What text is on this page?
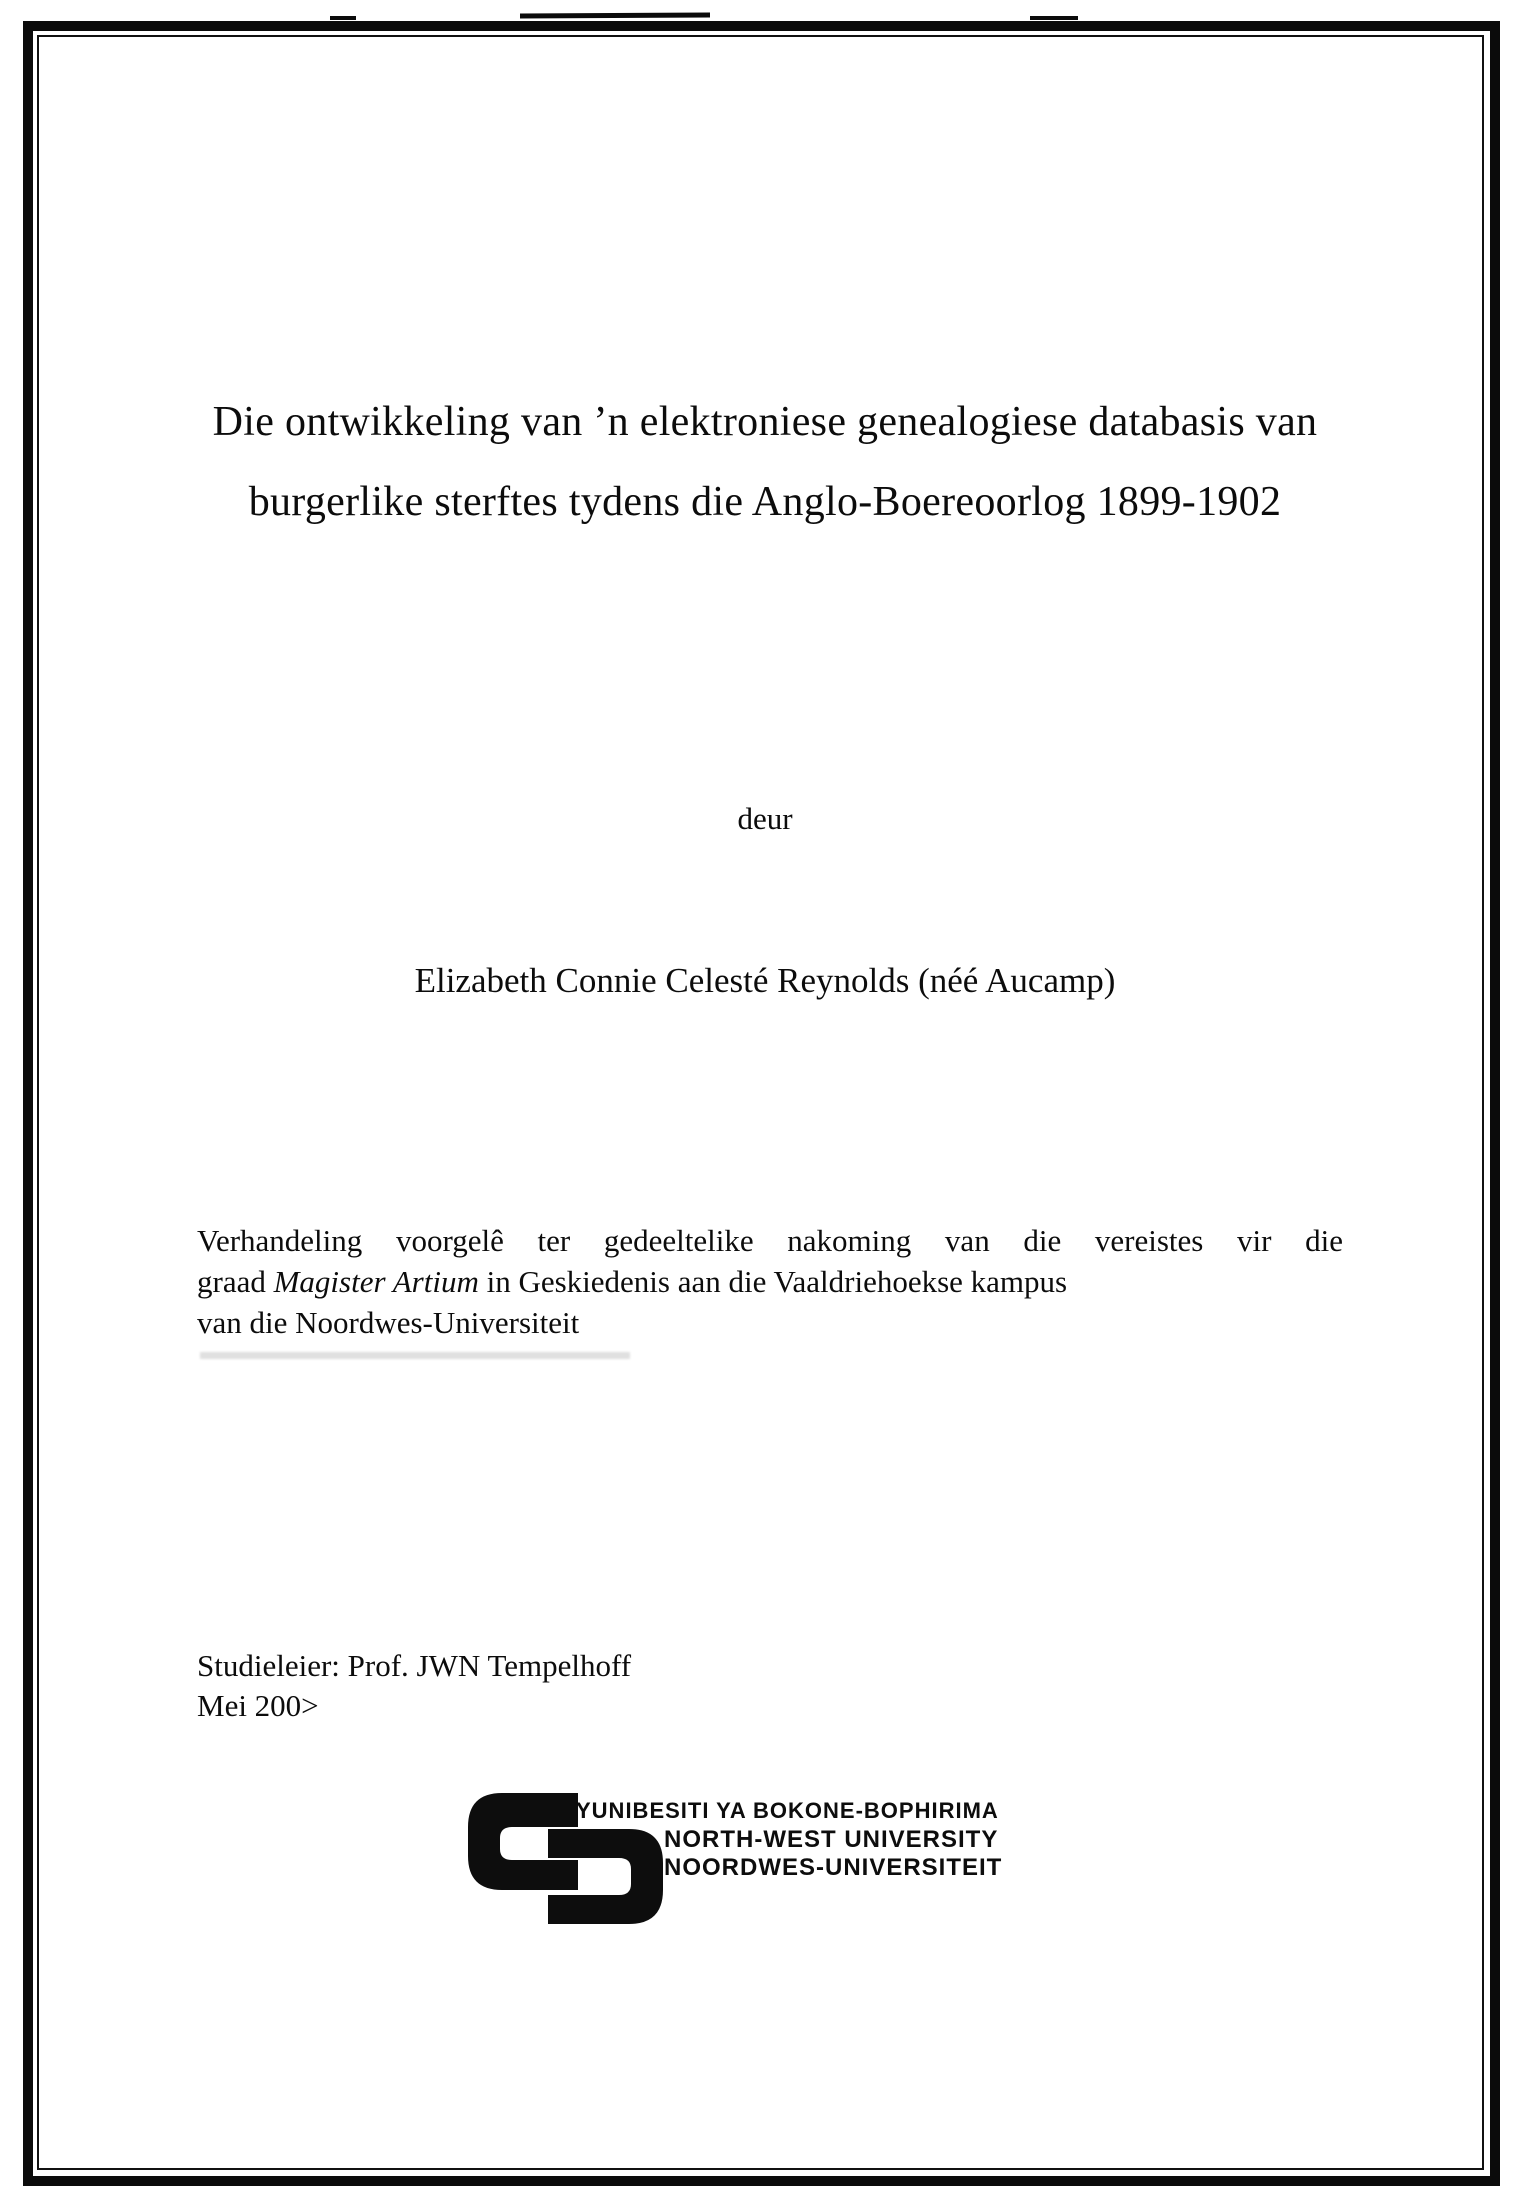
Die ontwikkeling van ’n elektroniese genealogiese databasis van
burgerlike sterftes tydens die Anglo-Boereoorlog 1899-1902
deur
Elizabeth Connie Celesté Reynolds (néé Aucamp)

Verhandeling voorgelê ter gedeeltelike nakoming van die vereistes vir die

graad Magister Artium in Geskiedenis aan die Vaaldriehoekse kampus

van die Noordwes-Universiteit

Studieleier: Prof. JWN Tempelhoff
Mei 200>
YUNIBESITI YA BOKONE-BOPHIRIMA
NORTH-WEST UNIVERSITY
NOORDWES-UNIVERSITEIT
